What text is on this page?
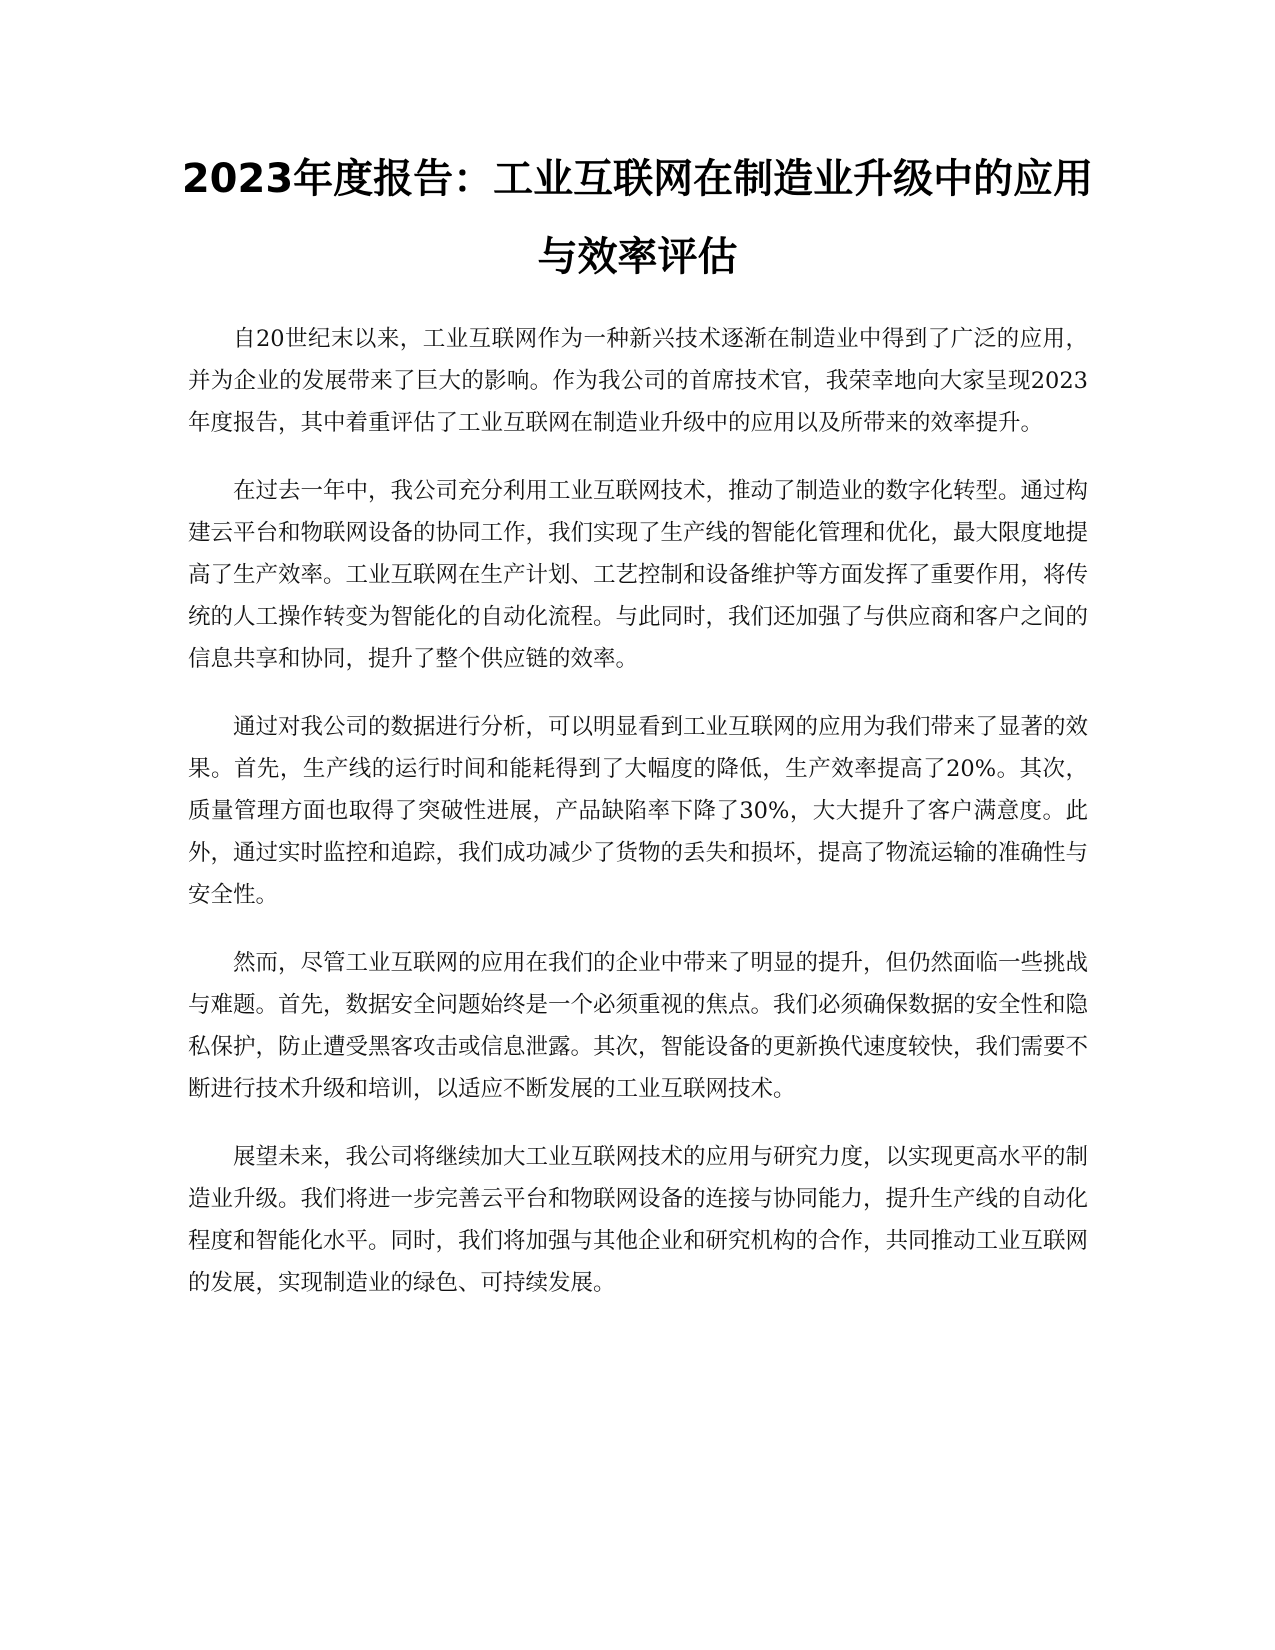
2023年度报告：工业互联网在制造业升级中的应用与效率评估

自20世纪末以来，工业互联网作为一种新兴技术逐渐在制造业中得到了广泛的应用，并为企业的发展带来了巨大的影响。作为我公司的首席技术官，我荣幸地向大家呈现2023年度报告，其中着重评估了工业互联网在制造业升级中的应用以及所带来的效率提升。

在过去一年中，我公司充分利用工业互联网技术，推动了制造业的数字化转型。通过构建云平台和物联网设备的协同工作，我们实现了生产线的智能化管理和优化，最大限度地提高了生产效率。工业互联网在生产计划、工艺控制和设备维护等方面发挥了重要作用，将传统的人工操作转变为智能化的自动化流程。与此同时，我们还加强了与供应商和客户之间的信息共享和协同，提升了整个供应链的效率。

通过对我公司的数据进行分析，可以明显看到工业互联网的应用为我们带来了显著的效果。首先，生产线的运行时间和能耗得到了大幅度的降低，生产效率提高了20%。其次，质量管理方面也取得了突破性进展，产品缺陷率下降了30%，大大提升了客户满意度。此外，通过实时监控和追踪，我们成功减少了货物的丢失和损坏，提高了物流运输的准确性与安全性。

然而，尽管工业互联网的应用在我们的企业中带来了明显的提升，但仍然面临一些挑战与难题。首先，数据安全问题始终是一个必须重视的焦点。我们必须确保数据的安全性和隐私保护，防止遭受黑客攻击或信息泄露。其次，智能设备的更新换代速度较快，我们需要不断进行技术升级和培训，以适应不断发展的工业互联网技术。

展望未来，我公司将继续加大工业互联网技术的应用与研究力度，以实现更高水平的制造业升级。我们将进一步完善云平台和物联网设备的连接与协同能力，提升生产线的自动化程度和智能化水平。同时，我们将加强与其他企业和研究机构的合作，共同推动工业互联网的发展，实现制造业的绿色、可持续发展。
